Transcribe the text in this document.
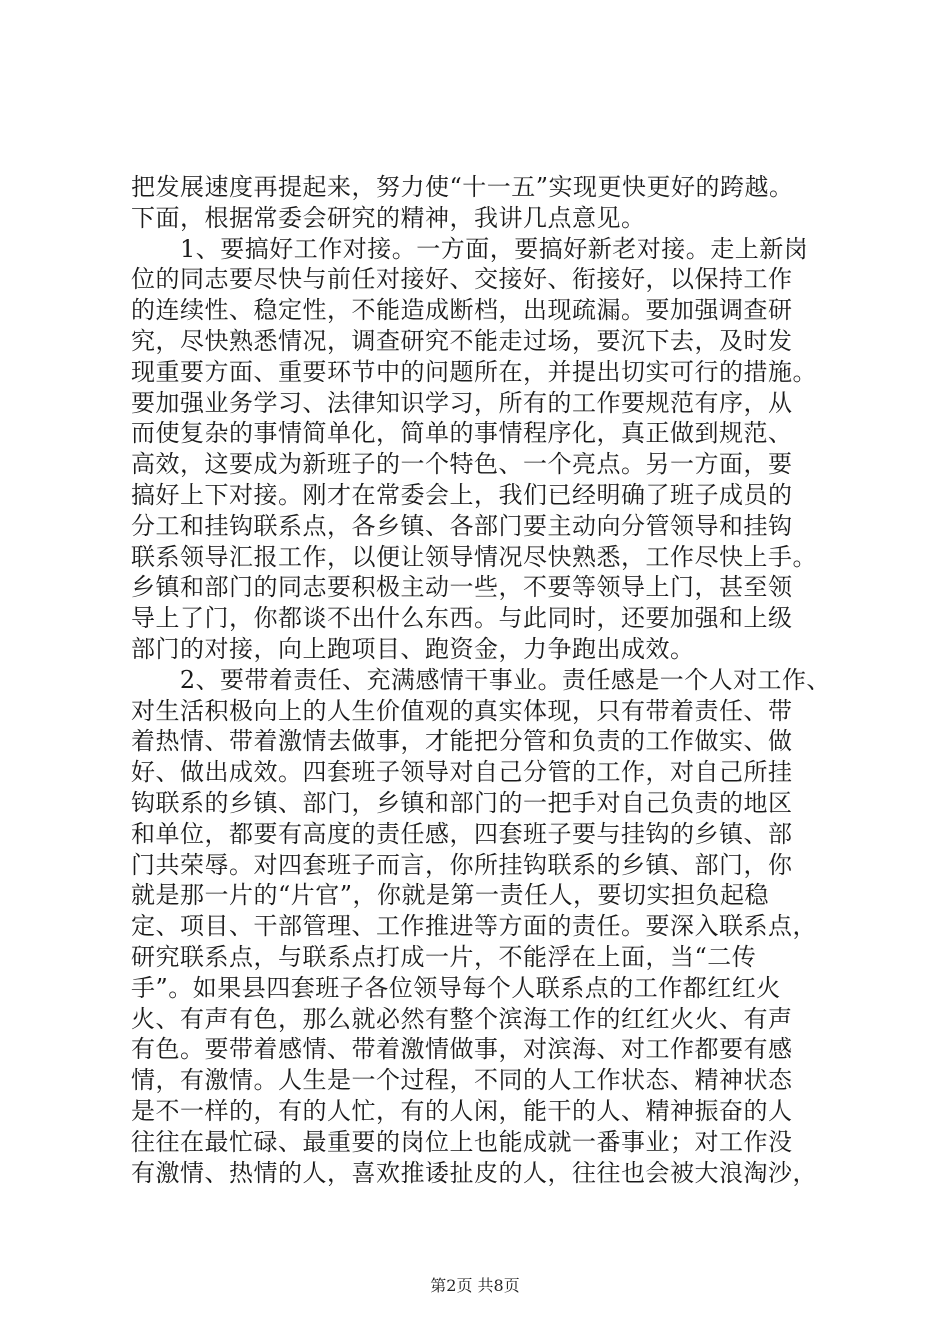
把发展速度再提起来，努力使“十一五”实现更快更好的跨越。
下面，根据常委会研究的精神，我讲几点意见。
　　1、要搞好工作对接。一方面，要搞好新老对接。走上新岗
位的同志要尽快与前任对接好、交接好、衔接好，以保持工作
的连续性、稳定性，不能造成断档，出现疏漏。要加强调查研
究，尽快熟悉情况，调查研究不能走过场，要沉下去，及时发
现重要方面、重要环节中的问题所在，并提出切实可行的措施。
要加强业务学习、法律知识学习，所有的工作要规范有序，从
而使复杂的事情简单化，简单的事情程序化，真正做到规范、
高效，这要成为新班子的一个特色、一个亮点。另一方面，要
搞好上下对接。刚才在常委会上，我们已经明确了班子成员的
分工和挂钩联系点，各乡镇、各部门要主动向分管领导和挂钩
联系领导汇报工作，以便让领导情况尽快熟悉，工作尽快上手。
乡镇和部门的同志要积极主动一些，不要等领导上门，甚至领
导上了门，你都谈不出什么东西。与此同时，还要加强和上级
部门的对接，向上跑项目、跑资金，力争跑出成效。
　　2、要带着责任、充满感情干事业。责任感是一个人对工作、
对生活积极向上的人生价值观的真实体现，只有带着责任、带
着热情、带着激情去做事，才能把分管和负责的工作做实、做
好、做出成效。四套班子领导对自己分管的工作，对自己所挂
钩联系的乡镇、部门，乡镇和部门的一把手对自己负责的地区
和单位，都要有高度的责任感，四套班子要与挂钩的乡镇、部
门共荣辱。对四套班子而言，你所挂钩联系的乡镇、部门，你
就是那一片的“片官”，你就是第一责任人，要切实担负起稳
定、项目、干部管理、工作推进等方面的责任。要深入联系点，
研究联系点，与联系点打成一片，不能浮在上面，当“二传
手”。如果县四套班子各位领导每个人联系点的工作都红红火
火、有声有色，那么就必然有整个滨海工作的红红火火、有声
有色。要带着感情、带着激情做事，对滨海、对工作都要有感
情，有激情。人生是一个过程，不同的人工作状态、精神状态
是不一样的，有的人忙，有的人闲，能干的人、精神振奋的人
往往在最忙碌、最重要的岗位上也能成就一番事业；对工作没
有激情、热情的人，喜欢推诿扯皮的人，往往也会被大浪淘沙，
第2页 共8页
